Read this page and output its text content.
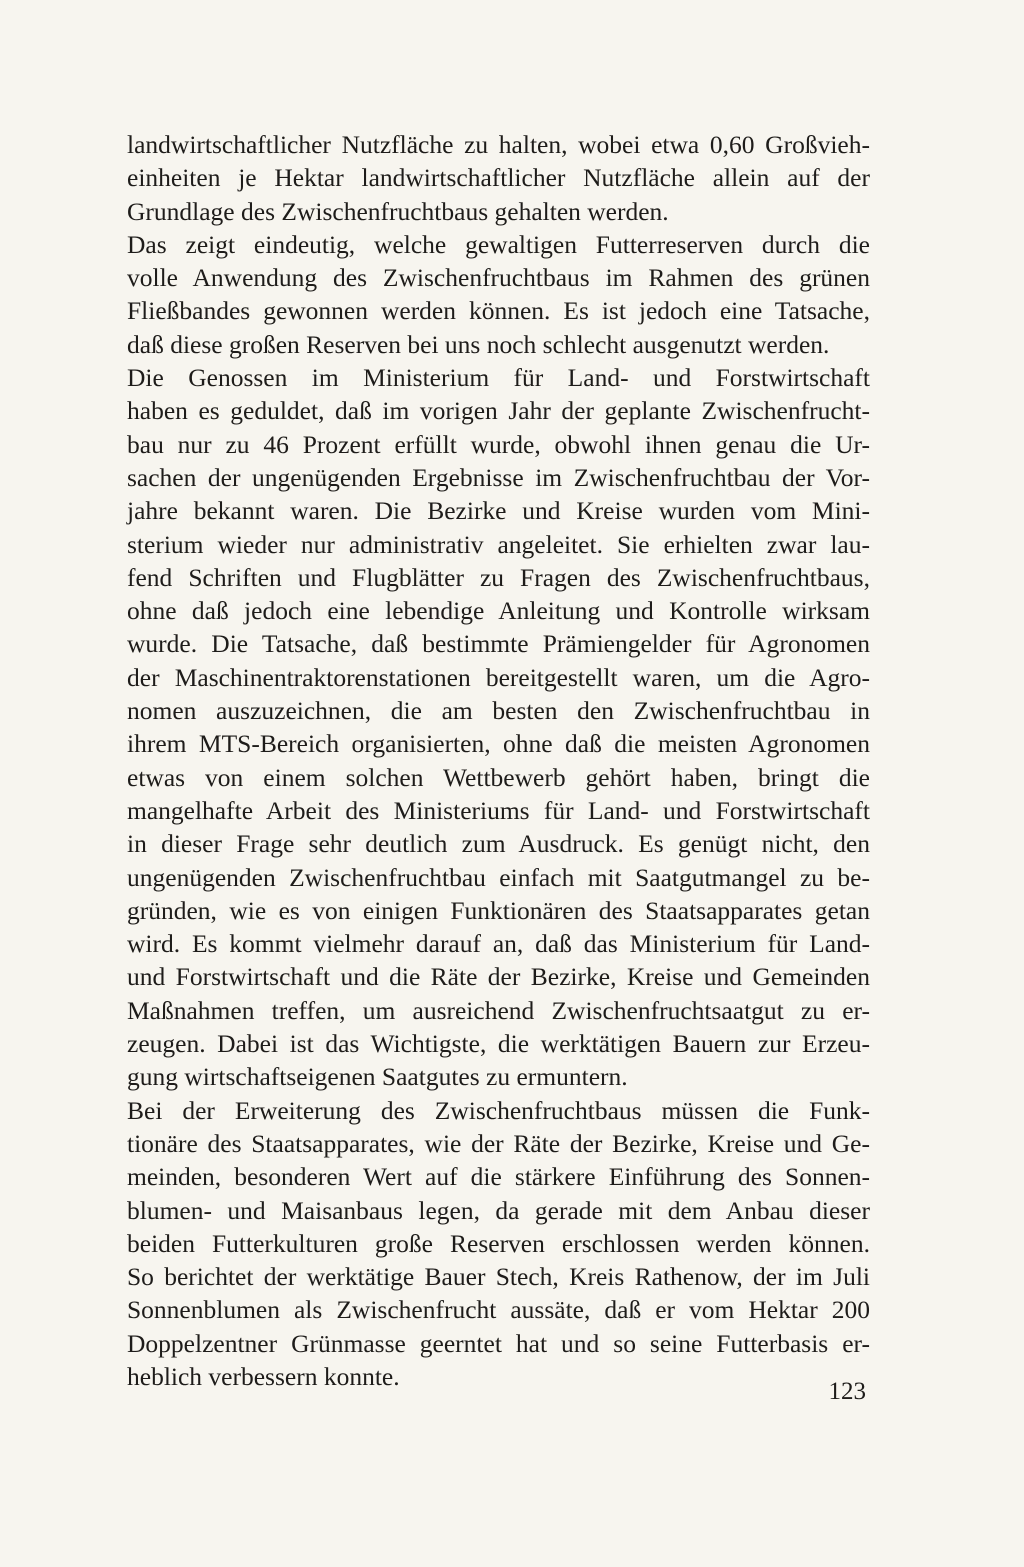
landwirtschaftlicher Nutzfläche zu halten, wobei etwa 0,60 Großvieh-
einheiten je Hektar landwirtschaftlicher Nutzfläche allein auf der
Grundlage des Zwischenfruchtbaus gehalten werden.

Das zeigt eindeutig, welche gewaltigen Futterreserven durch die
volle Anwendung des Zwischenfruchtbaus im Rahmen des grünen
Fließbandes gewonnen werden können. Es ist jedoch eine Tatsache,
daß diese großen Reserven bei uns noch schlecht ausgenutzt werden.

Die Genossen im Ministerium für Land- und Forstwirtschaft
haben es geduldet, daß im vorigen Jahr der geplante Zwischenfrucht-
bau nur zu 46 Prozent erfüllt wurde, obwohl ihnen genau die Ur-
sachen der ungenügenden Ergebnisse im Zwischenfruchtbau der Vor-
jahre bekannt waren. Die Bezirke und Kreise wurden vom Mini-
sterium wieder nur administrativ angeleitet. Sie erhielten zwar lau-
fend Schriften und Flugblätter zu Fragen des Zwischenfruchtbaus,
ohne daß jedoch eine lebendige Anleitung und Kontrolle wirksam
wurde. Die Tatsache, daß bestimmte Prämiengelder für Agronomen
der Maschinentraktorenstationen bereitgestellt waren, um die Agro-
nomen auszuzeichnen, die am besten den Zwischenfruchtbau in
ihrem MTS-Bereich organisierten, ohne daß die meisten Agronomen
etwas von einem solchen Wettbewerb gehört haben, bringt die
mangelhafte Arbeit des Ministeriums für Land- und Forstwirtschaft
in dieser Frage sehr deutlich zum Ausdruck. Es genügt nicht, den
ungenügenden Zwischenfruchtbau einfach mit Saatgutmangel zu be-
gründen, wie es von einigen Funktionären des Staatsapparates getan
wird. Es kommt vielmehr darauf an, daß das Ministerium für Land-
und Forstwirtschaft und die Räte der Bezirke, Kreise und Gemeinden
Maßnahmen treffen, um ausreichend Zwischenfruchtsaatgut zu er-
zeugen. Dabei ist das Wichtigste, die werktätigen Bauern zur Erzeu-
gung wirtschaftseigenen Saatgutes zu ermuntern.

Bei der Erweiterung des Zwischenfruchtbaus müssen die Funk-
tionäre des Staatsapparates, wie der Räte der Bezirke, Kreise und Ge-
meinden, besonderen Wert auf die stärkere Einführung des Sonnen-
blumen- und Maisanbaus legen, da gerade mit dem Anbau dieser
beiden Futterkulturen große Reserven erschlossen werden können.
So berichtet der werktätige Bauer Stech, Kreis Rathenow, der im Juli
Sonnenblumen als Zwischenfrucht aussäte, daß er vom Hektar 200
Doppelzentner Grünmasse geerntet hat und so seine Futterbasis er-
heblich verbessern konnte.

123
